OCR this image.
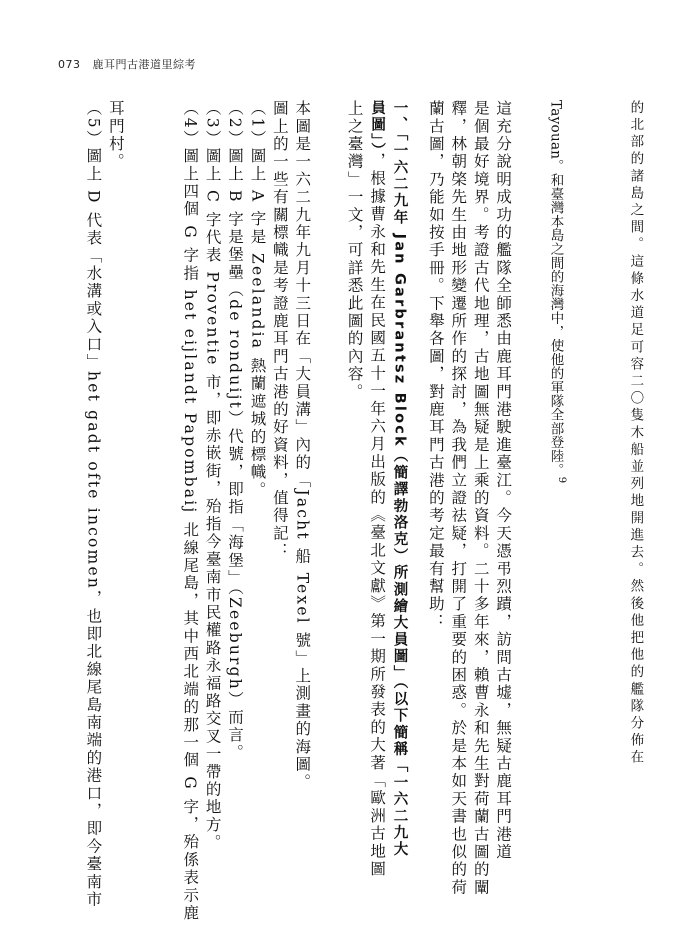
073 鹿耳門古港道里綜考

的北部的諸島之間。這條水道足可容二〇隻木船並列地開進去。然後他把他的艦隊分佈在

Tayouan。和臺灣本島之間的海灣中，使他的軍隊全部登陸。$^9$

這充分說明成功的艦隊全師悉由鹿耳門港駛進臺江。今天憑弔烈蹟，訪問古墟，無疑古鹿耳門港道

是個最好境界。考證古代地理，古地圖無疑是上乘的資料。二十多年來，賴曹永和先生對荷蘭古圖的闡

釋，林朝棨先生由地形變遷所作的探討，為我們立證祛疑，打開了重要的困惑。於是本如天書也似的荷

蘭古圖，乃能如按手冊。下舉各圖，對鹿耳門古港的考定最有幫助：

一、「一六二九年 Jan Garbrantsz Block（簡譯勃洛克）所測繪大員圖」（以下簡稱「一六二九大

員圖」），根據曹永和先生在民國五十一年六月出版的《臺北文獻》第一期所發表的大著「歐洲古地圖

上之臺灣」一文，可詳悉此圖的內容。

本圖是一六二九年九月十三日在「大員溝」內的「Jacht 船 Texel 號」上測畫的海圖。

圖上的一些有關標幟是考證鹿耳門古港的好資料，值得記：

（1）圖上 A 字是 Zeelandia 熱蘭遮城的標幟。

（2）圖上 B 字是堡壘（de ronduijt）代號，即指「海堡」（Zeeburgh）而言。

（3）圖上 C 字代表 Proventie 市，即赤嵌街，殆指今臺南市民權路永福路交叉一帶的地方。

（4）圖上四個 G 字指 het eijlandt Papombaij 北線尾島，其中西北端的那一個 G 字，殆係表示鹿

耳門村。

（5）圖上 D 代表「水溝或入口」het gadt ofte incomen，也即北線尾島南端的港口，即今臺南市
